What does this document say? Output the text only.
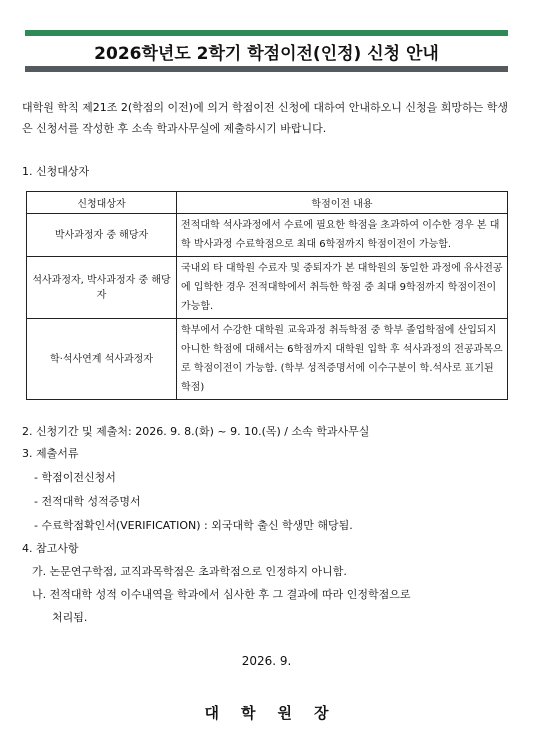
2026학년도 2학기 학점이전(인정) 신청 안내
대학원 학칙 제21조 2(학점의 이전)에 의거 학점이전 신청에 대하여 안내하오니 신청을 희망하는 학생은 신청서를 작성한 후 소속 학과사무실에 제출하시기 바랍니다.
1. 신청대상자
신청대상자	학점이전 내용
박사과정자 중 해당자	전적대학 석사과정에서 수료에 필요한 학점을 초과하여 이수한 경우 본 대학 박사과정 수료학점으로 최대 6학점까지 학점이전이 가능함.
석사과정자, 박사과정자 중 해당자	국내외 타 대학원 수료자 및 중퇴자가 본 대학원의 동일한 과정에 유사전공에 입학한 경우 전적대학에서 취득한 학점 중 최대 9학점까지 학점이전이 가능함.
학·석사연계 석사과정자	학부에서 수강한 대학원 교육과정 취득학점 중 학부 졸업학점에 산입되지 아니한 학점에 대해서는 6학점까지 대학원 입학 후 석사과정의 전공과목으로 학점이전이 가능함. (학부 성적증명서에 이수구분이 학.석사로 표기된 학점)
2. 신청기간 및 제출처: 2026. 9. 8.(화) ~ 9. 10.(목) / 소속 학과사무실
3. 제출서류
- 학점이전신청서
- 전적대학 성적증명서
- 수료학점확인서(VERIFICATION) : 외국대학 출신 학생만 해당됨.
4. 참고사항
가. 논문연구학점, 교직과목학점은 초과학점으로 인정하지 아니함.
나. 전적대학 성적 이수내역을 학과에서 심사한 후 그 결과에 따라 인정학점으로
처리됨.
2026. 9.
대학원장
